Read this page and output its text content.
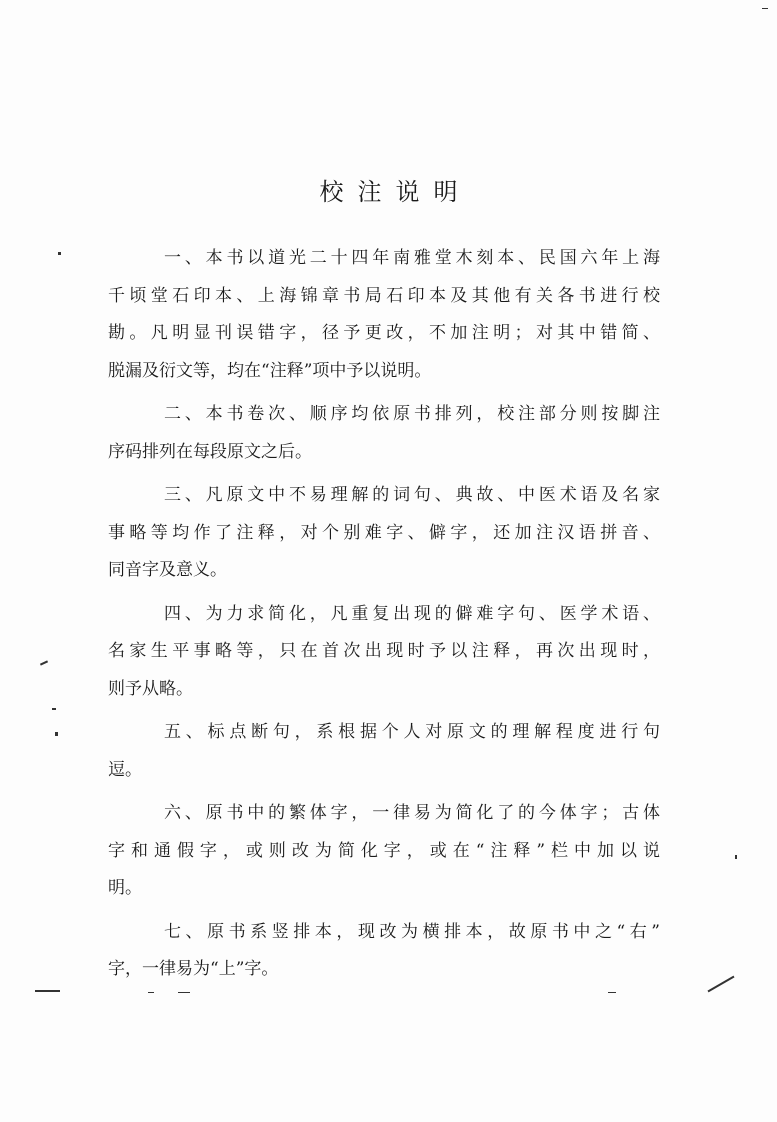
校注说明
一、本书以道光二十四年南雅堂木刻本、民国六年上海
千顷堂石印本、上海锦章书局石印本及其他有关各书进行校
勘。凡明显刊误错字，径予更改，不加注明；对其中错简、
脱漏及衍文等，均在“注释”项中予以说明。
二、本书卷次、顺序均依原书排列，校注部分则按脚注
序码排列在每段原文之后。
三、凡原文中不易理解的词句、典故、中医术语及名家
事略等均作了注释，对个别难字、僻字，还加注汉语拼音、
同音字及意义。
四、为力求简化，凡重复出现的僻难字句、医学术语、
名家生平事略等，只在首次出现时予以注释，再次出现时，
则予从略。
五、标点断句，系根据个人对原文的理解程度进行句
逗。
六、原书中的繁体字，一律易为简化了的今体字；古体
字和通假字，或则改为简化字，或在“注释”栏中加以说
明。
七、原书系竖排本，现改为横排本，故原书中之“右”
字，一律易为“上”字。
